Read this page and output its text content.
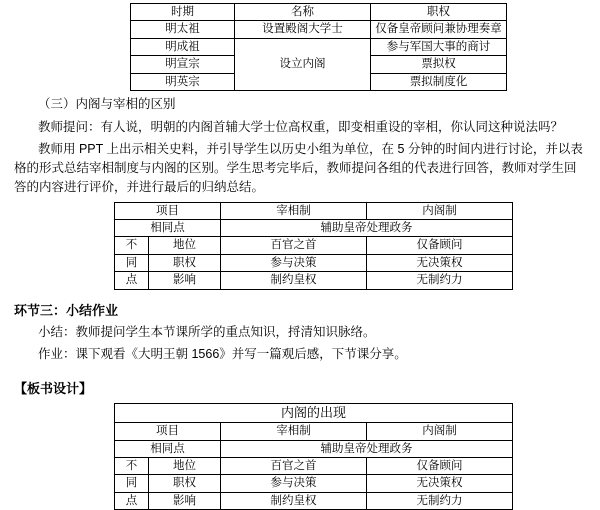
时期	名称	职权
明太祖	设置殿阁大学士	仅备皇帝顾问兼协理奏章
明成祖	设立内阁	参与军国大事的商讨
明宣宗		票拟权
明英宗		票拟制度化

（三）内阁与宰相的区别

教师提问：有人说，明朝的内阁首辅大学士位高权重，即变相重设的宰相，你认同这种说法吗？

教师用 PPT 上出示相关史料，并引导学生以历史小组为单位，在 5 分钟的时间内进行讨论，并以表格的形式总结宰相制度与内阁的区别。学生思考完毕后，教师提问各组的代表进行回答，教师对学生回答的内容进行评价，并进行最后的归纳总结。

项目		宰相制	内阁制
相同点		辅助皇帝处理政务	
不	地位	百官之首	仅备顾问
同	职权	参与决策	无决策权
点	影响	制约皇权	无制约力

环节三：小结作业

小结：教师提问学生本节课所学的重点知识，捋清知识脉络。

作业：课下观看《大明王朝 1566》并写一篇观后感，下节课分享。

【板书设计】

内阁的出现			
项目		宰相制	内阁制
相同点		辅助皇帝处理政务	
不	地位	百官之首	仅备顾问
同	职权	参与决策	无决策权
点	影响	制约皇权	无制约力
